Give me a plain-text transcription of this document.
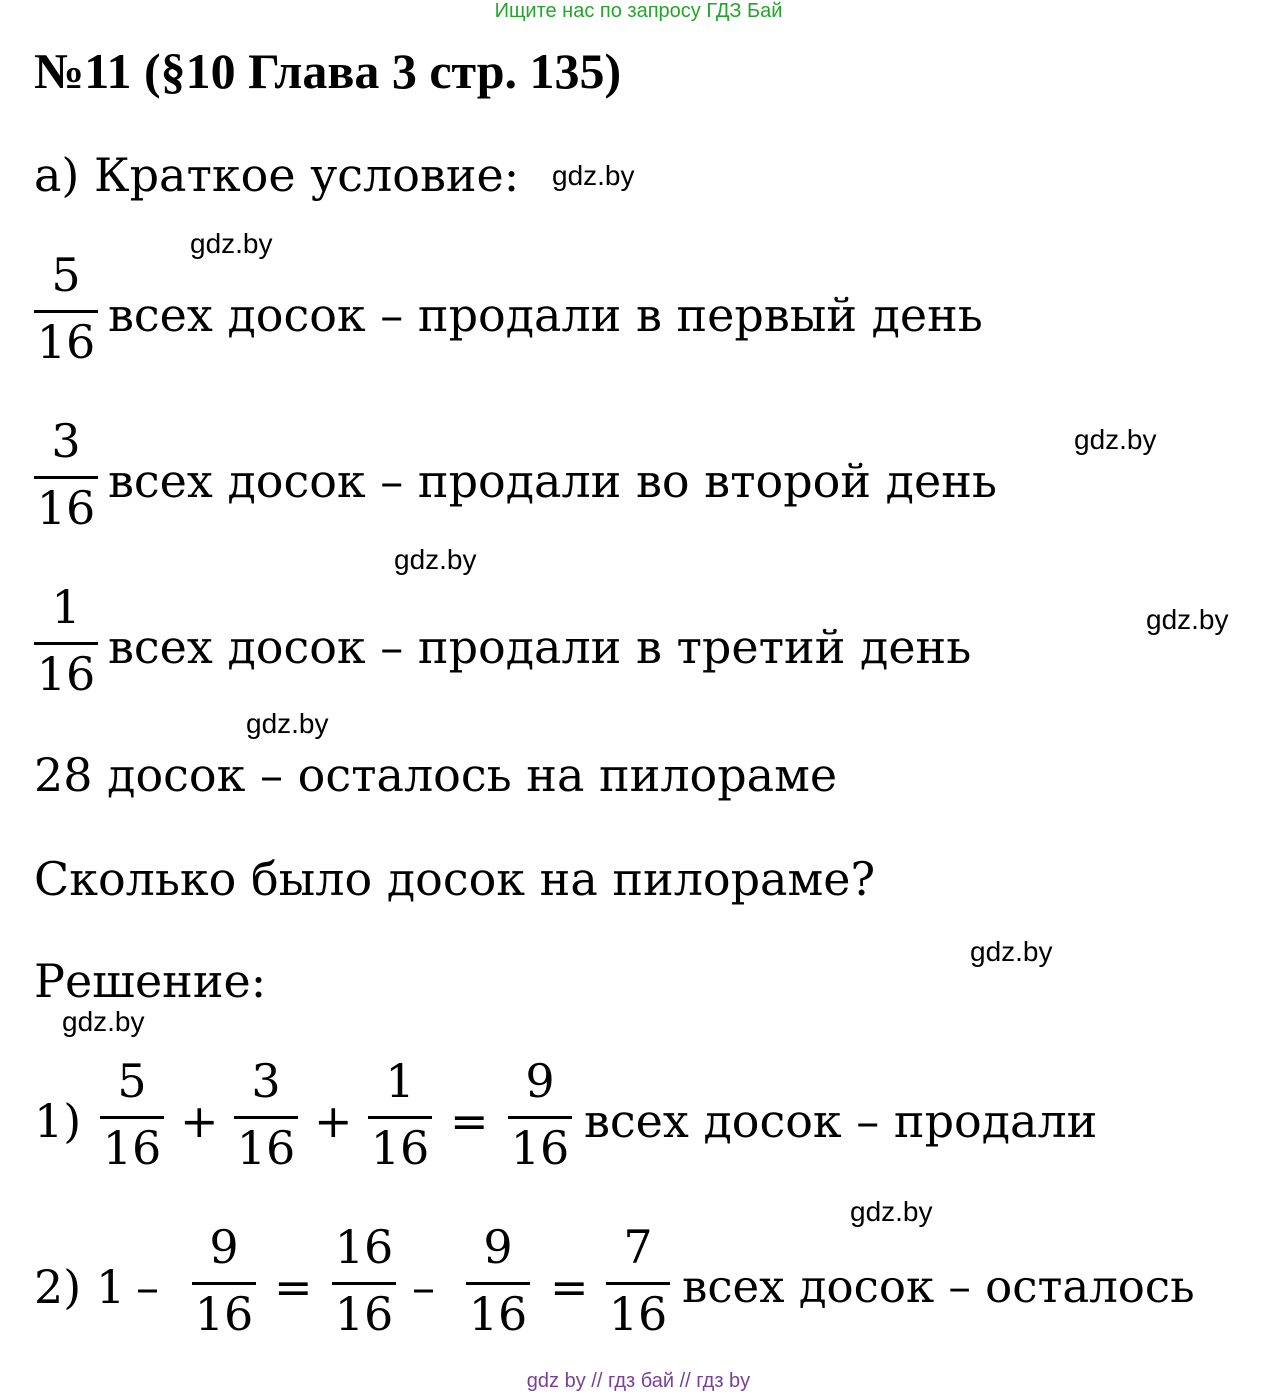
Ищите нас по запросу ГДЗ Бай
№11 (§10 Глава 3 стр. 135)
а) Краткое условие:
5
16 всех досок – продали в первый день
3
16 всех досок – продали во второй день
1
16 всех досок – продали в третий день
28 досок – осталось на пилораме
Сколько было досок на пилораме?
Решение:
1)
5
16 +
3
16 +
1
16 =
9
16 всех досок – продали
2) 1 –
9
16 =
16
16 –
9
16 =
7
16
всех досок – осталось
gdz.by
gdz.by
gdz.by
gdz.by
gdz.by
gdz.by
gdz.by
gdz.by
gdz.by
gdz by // гдз бай // гдз by
